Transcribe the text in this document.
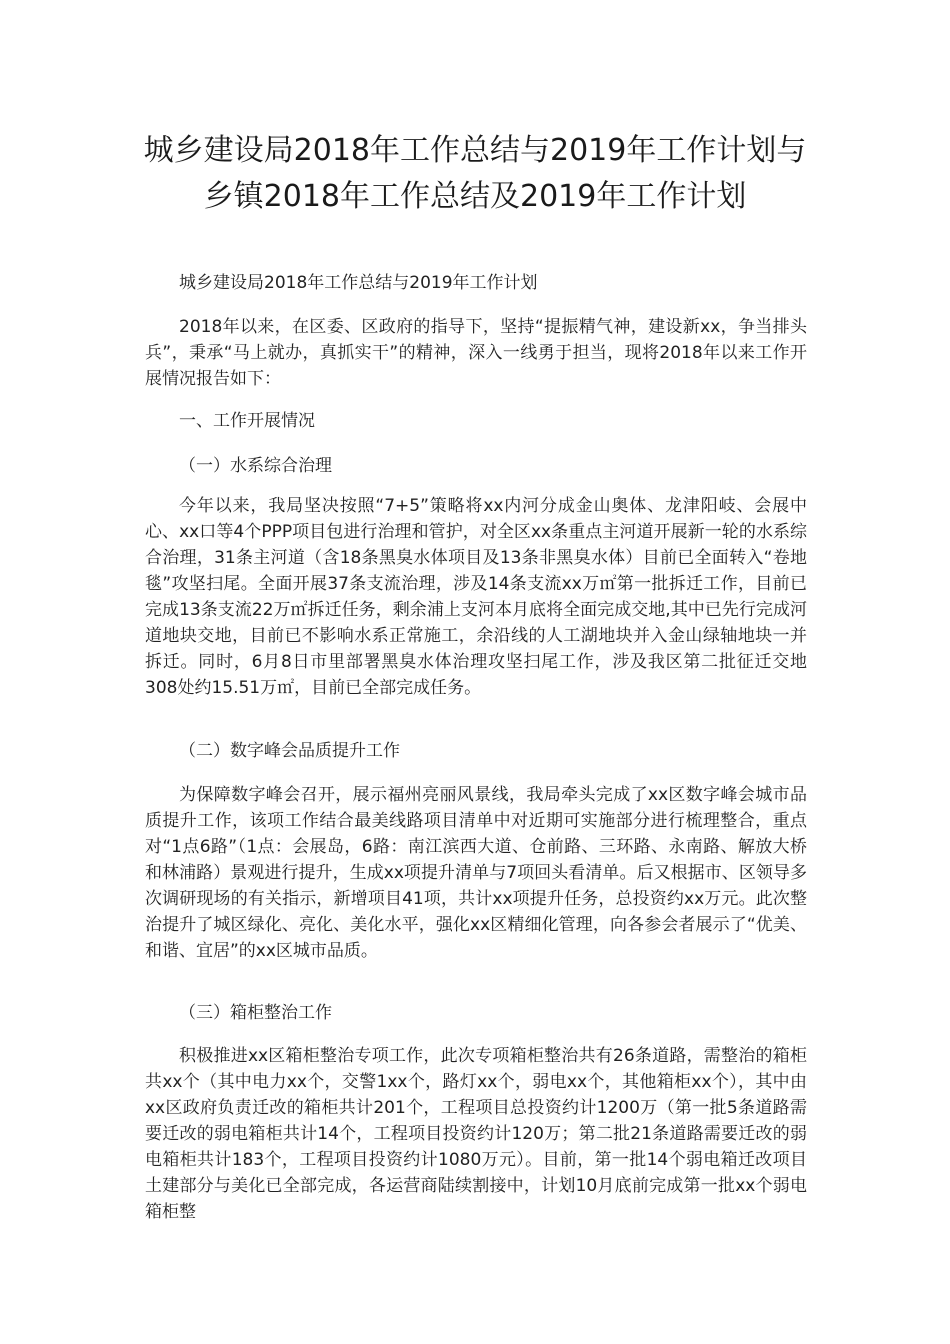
城乡建设局2018年工作总结与2019年工作计划与
乡镇2018年工作总结及2019年工作计划

城乡建设局2018年工作总结与2019年工作计划

2018年以来，在区委、区政府的指导下，坚持“提振精气神，建设新xx，争当排头兵”，秉承“马上就办，真抓实干”的精神，深入一线勇于担当，现将2018年以来工作开展情况报告如下：

一、工作开展情况

（一）水系综合治理

今年以来，我局坚决按照“7+5”策略将xx内河分成金山奥体、龙津阳岐、会展中心、xx口等4个PPP项目包进行治理和管护，对全区xx条重点主河道开展新一轮的水系综合治理，31条主河道（含18条黑臭水体项目及13条非黑臭水体）目前已全面转入“卷地毯”攻坚扫尾。全面开展37条支流治理，涉及14条支流xx万㎡第一批拆迁工作，目前已完成13条支流22万㎡拆迁任务，剩余浦上支河本月底将全面完成交地,其中已先行完成河道地块交地，目前已不影响水系正常施工，余沿线的人工湖地块并入金山绿轴地块一并拆迁。同时，6月8日市里部署黑臭水体治理攻坚扫尾工作，涉及我区第二批征迁交地308处约15.51万㎡，目前已全部完成任务。

（二）数字峰会品质提升工作

为保障数字峰会召开，展示福州亮丽风景线，我局牵头完成了xx区数字峰会城市品质提升工作，该项工作结合最美线路项目清单中对近期可实施部分进行梳理整合，重点对“1点6路”（1点：会展岛，6路：南江滨西大道、仓前路、三环路、永南路、解放大桥和林浦路）景观进行提升，生成xx项提升清单与7项回头看清单。后又根据市、区领导多次调研现场的有关指示，新增项目41项，共计xx项提升任务，总投资约xx万元。此次整治提升了城区绿化、亮化、美化水平，强化xx区精细化管理，向各参会者展示了“优美、和谐、宜居”的xx区城市品质。

（三）箱柜整治工作

积极推进xx区箱柜整治专项工作，此次专项箱柜整治共有26条道路，需整治的箱柜共xx个（其中电力xx个，交警1xx个，路灯xx个，弱电xx个，其他箱柜xx个），其中由xx区政府负责迁改的箱柜共计201个，工程项目总投资约计1200万（第一批5条道路需要迁改的弱电箱柜共计14个，工程项目投资约计120万；第二批21条道路需要迁改的弱电箱柜共计183个，工程项目投资约计1080万元）。目前，第一批14个弱电箱迁改项目土建部分与美化已全部完成，各运营商陆续割接中，计划10月底前完成第一批xx个弱电箱柜整
